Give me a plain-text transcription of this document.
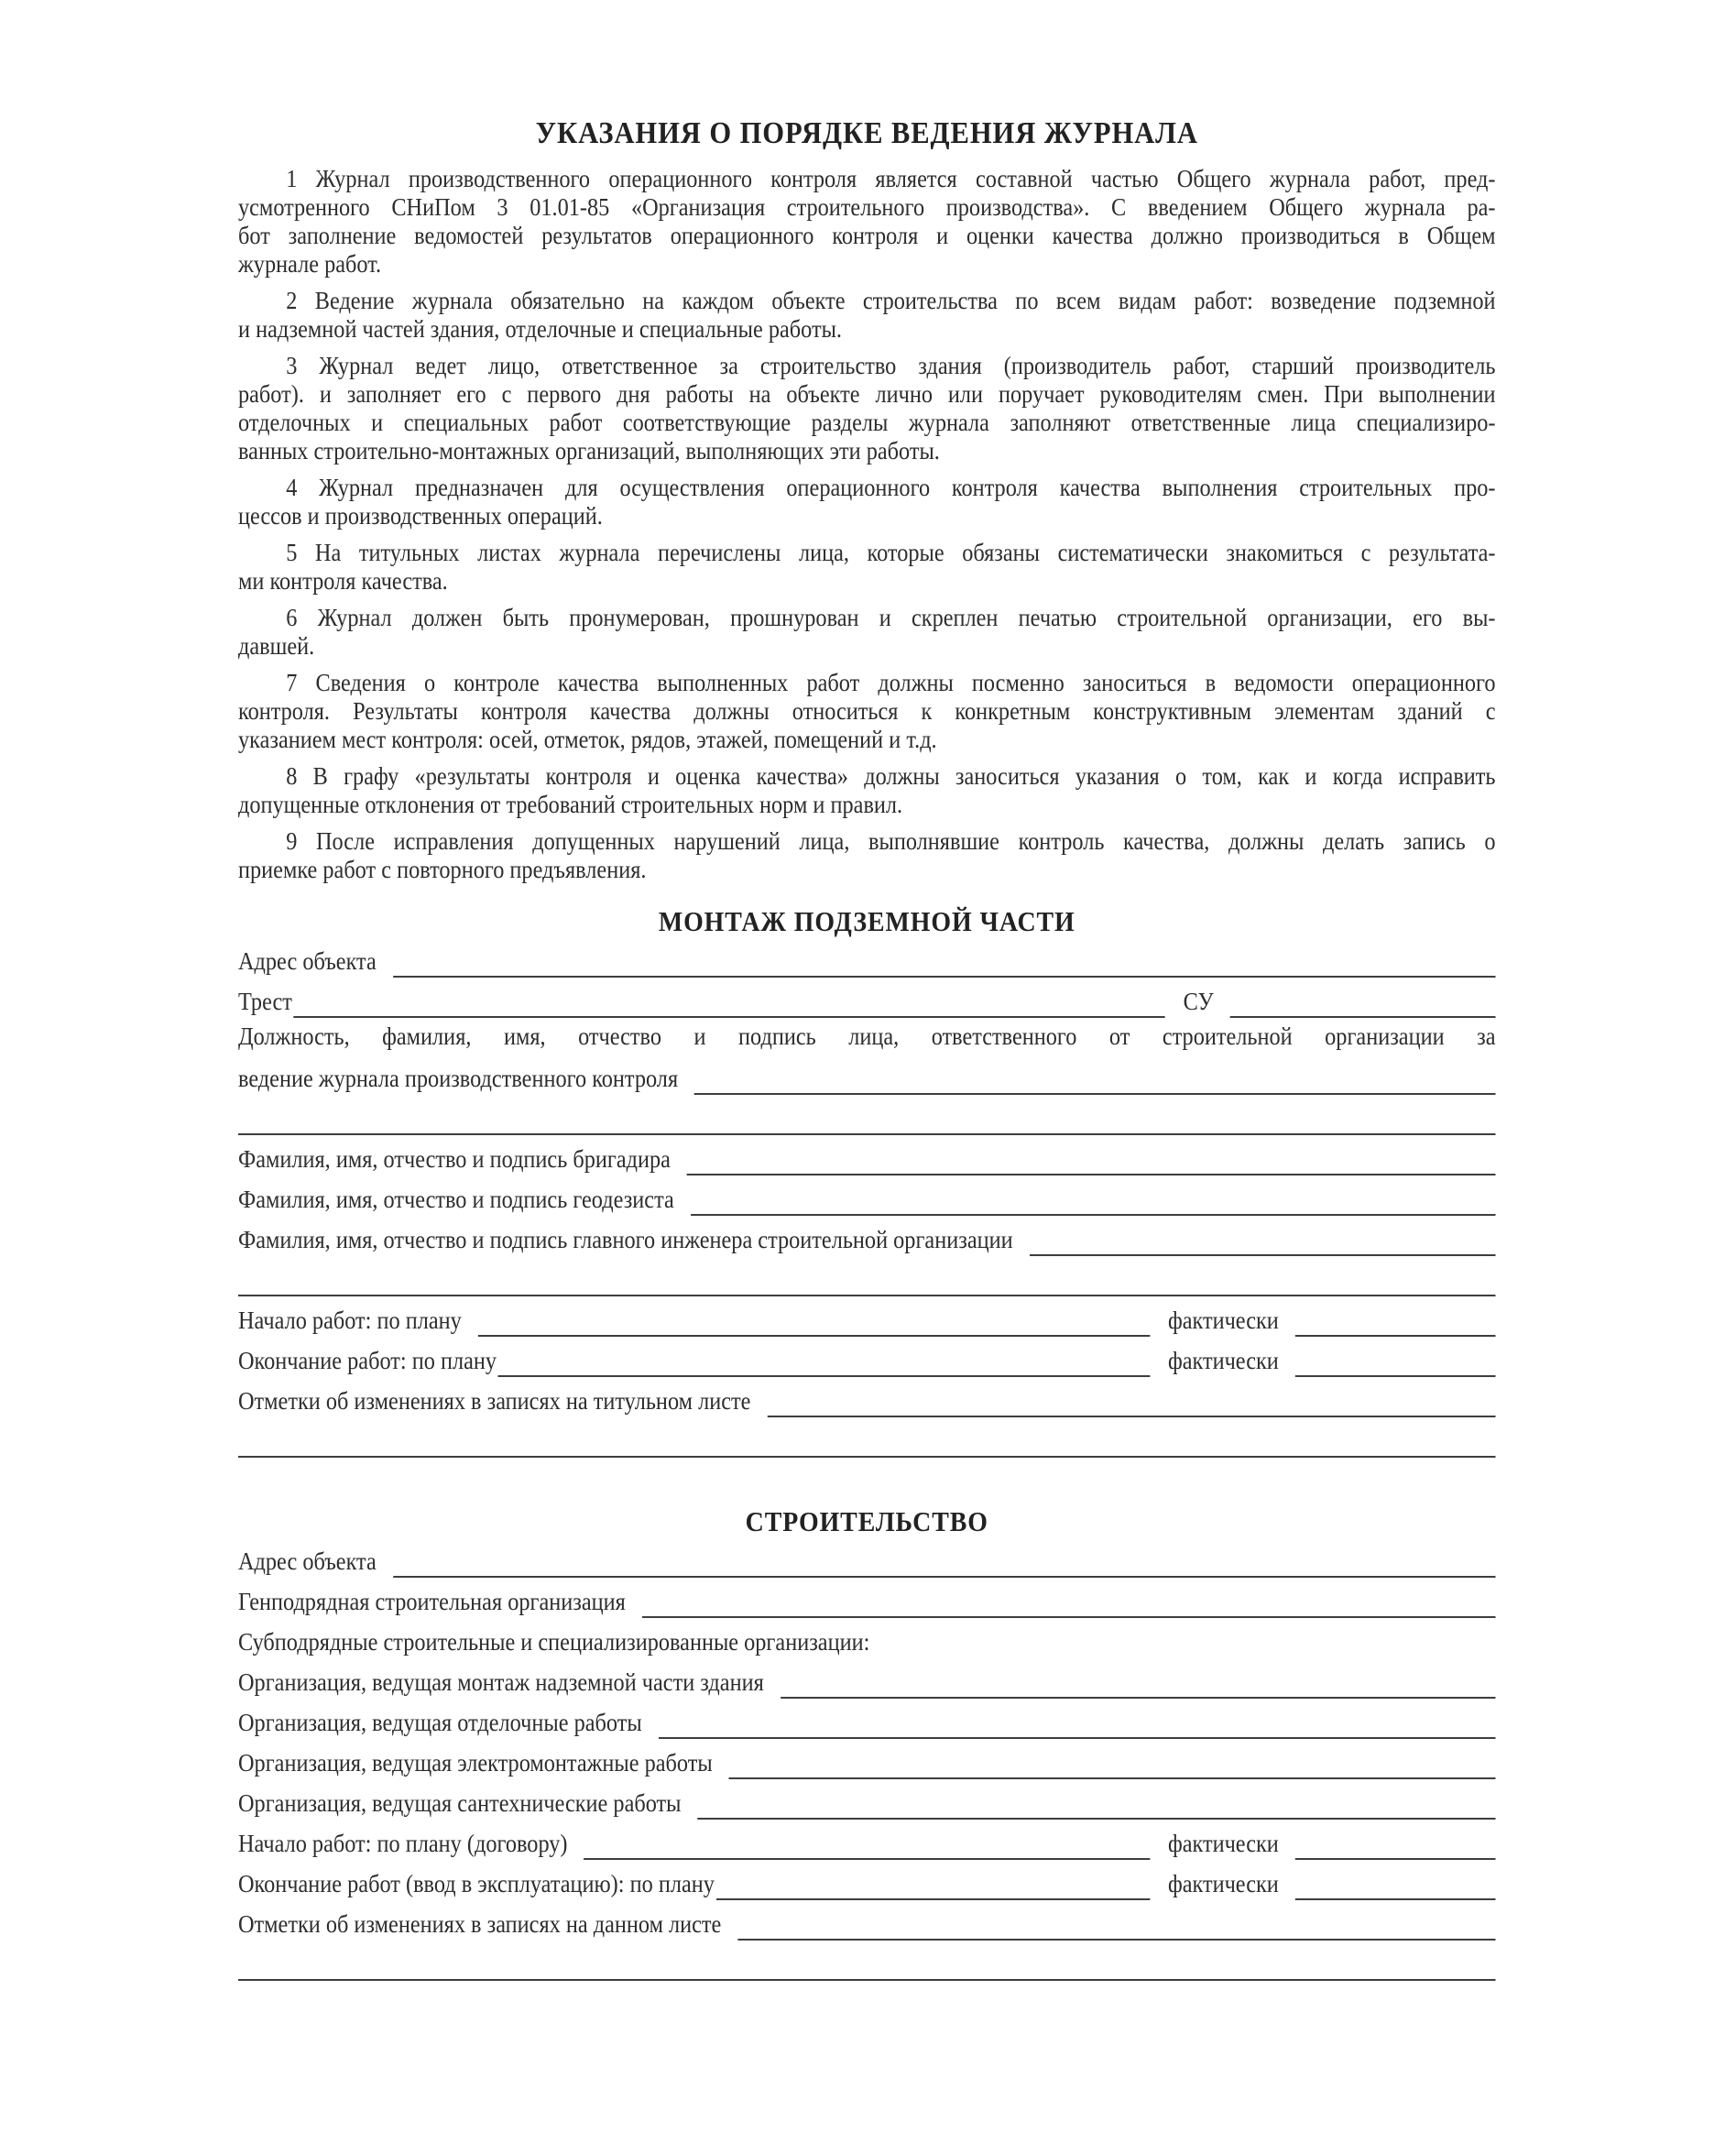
УКАЗАНИЯ О ПОРЯДКЕ ВЕДЕНИЯ ЖУРНАЛА
1 Журнал производственного операционного контроля является составной частью Общего журнала работ, пред-
усмотренного СНиПом 3 01.01-85 «Организация строительного производства». С введением Общего журнала ра-
бот заполнение ведомостей результатов операционного контроля и оценки качества должно производиться в Общем
журнале работ.
2 Ведение журнала обязательно на каждом объекте строительства по всем видам работ: возведение подземной
и надземной частей здания, отделочные и специальные работы.
3 Журнал ведет лицо, ответственное за строительство здания (производитель работ, старший производитель
работ). и заполняет его с первого дня работы на объекте лично или поручает руководителям смен. При выполнении
отделочных и специальных работ соответствующие разделы журнала заполняют ответственные лица специализиро-
ванных строительно-монтажных организаций, выполняющих эти работы.
4 Журнал предназначен для осуществления операционного контроля качества выполнения строительных про-
цессов и производственных операций.
5 На титульных листах журнала перечислены лица, которые обязаны систематически знакомиться с результата-
ми контроля качества.
6 Журнал должен быть пронумерован, прошнурован и скреплен печатью строительной организации, его вы-
давшей.
7 Сведения о контроле качества выполненных работ должны посменно заноситься в ведомости операционного
контроля. Результаты контроля качества должны относиться к конкретным конструктивным элементам зданий с
указанием мест контроля: осей, отметок, рядов, этажей, помещений и т.д.
8 В графу «результаты контроля и оценка качества» должны заноситься указания о том, как и когда исправить
допущенные отклонения от требований строительных норм и правил.
9 После исправления допущенных нарушений лица, выполнявшие контроль качества, должны делать запись о
приемке работ с повторного предъявления.
МОНТАЖ ПОДЗЕМНОЙ ЧАСТИ
Адрес объекта
Трест	СУ
Должность, фамилия, имя, отчество и подпись лица, ответственного от строительной организации за
ведение журнала производственного контроля
Фамилия, имя, отчество и подпись бригадира
Фамилия, имя, отчество и подпись геодезиста
Фамилия, имя, отчество и подпись главного инженера строительной организации
Начало работ: по плану	фактически
Окончание работ: по плану	фактически
Отметки об изменениях в записях на титульном листе
СТРОИТЕЛЬСТВО
Адрес объекта
Генподрядная строительная организация
Субподрядные строительные и специализированные организации:
Организация, ведущая монтаж надземной части здания
Организация, ведущая отделочные работы
Организация, ведущая электромонтажные работы
Организация, ведущая сантехнические работы
Начало работ: по плану (договору)	фактически
Окончание работ (ввод в эксплуатацию): по плану	фактически
Отметки об изменениях в записях на данном листе
